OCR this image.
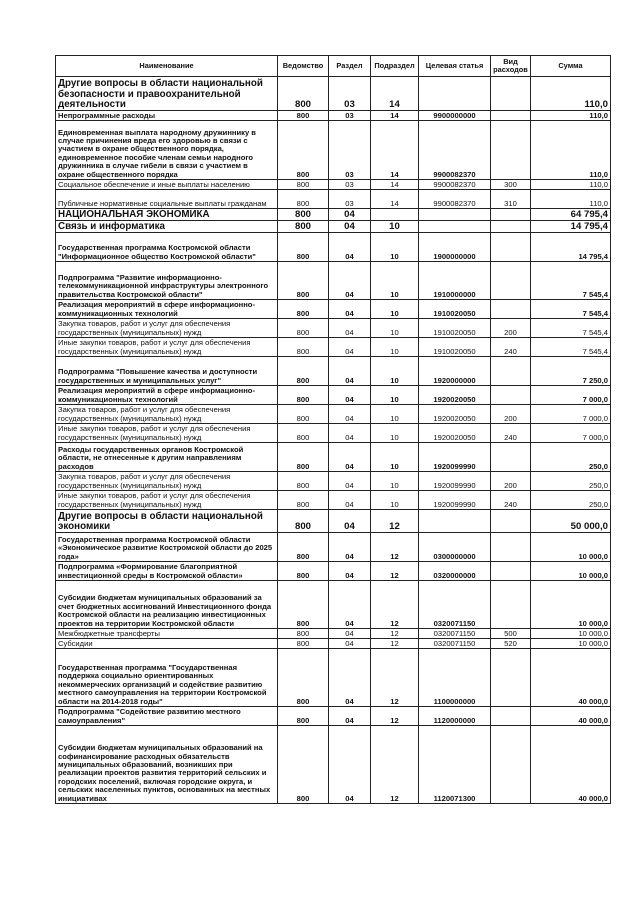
Наименование	Ведомство	Раздел	Подраздел	Целевая статья	Вид расходов	Сумма
Другие вопросы в области национальной безопасности и правоохранительной деятельности	800	03	14			110,0
Непрограммные расходы	800	03	14	9900000000		110,0
Единовременная выплата народному дружиннику в случае причинения вреда его здоровью в связи с участием в охране общественного порядка, единовременное пособие членам семьи народного дружинника в случае гибели в связи с участием в охране общественного порядка	800	03	14	9900082370		110,0
Социальное обеспечение и иные выплаты населению	800	03	14	9900082370	300	110,0
Публичные нормативные социальные выплаты гражданам	800	03	14	9900082370	310	110,0
НАЦИОНАЛЬНАЯ ЭКОНОМИКА	800	04				64 795,4
Связь и информатика	800	04	10			14 795,4
Государственная программа Костромской области "Информационное общество Костромской области"	800	04	10	1900000000		14 795,4
Подпрограмма "Развитие информационно-телекоммуникационной инфраструктуры электронного правительства Костромской области"	800	04	10	1910000000		7 545,4
Реализация мероприятий в сфере информационно-коммуникационных технологий	800	04	10	1910020050		7 545,4
Закупка товаров, работ и услуг для обеспечения государственных (муниципальных) нужд	800	04	10	1910020050	200	7 545,4
Иные закупки товаров, работ и услуг для обеспечения государственных (муниципальных) нужд	800	04	10	1910020050	240	7 545,4
Подпрограмма "Повышение качества и доступности государственных и муниципальных услуг"	800	04	10	1920000000		7 250,0
Реализация мероприятий в сфере информационно-коммуникационных технологий	800	04	10	1920020050		7 000,0
Закупка товаров, работ и услуг для обеспечения государственных (муниципальных) нужд	800	04	10	1920020050	200	7 000,0
Иные закупки товаров, работ и услуг для обеспечения государственных (муниципальных) нужд	800	04	10	1920020050	240	7 000,0
Расходы государственных органов Костромской области, не отнесенные к другим направлениям расходов	800	04	10	1920099990		250,0
Закупка товаров, работ и услуг для обеспечения государственных (муниципальных) нужд	800	04	10	1920099990	200	250,0
Иные закупки товаров, работ и услуг для обеспечения государственных (муниципальных) нужд	800	04	10	1920099990	240	250,0
Другие вопросы в области национальной экономики	800	04	12			50 000,0
Государственная программа Костромской области «Экономическое развитие Костромской области до 2025 года»	800	04	12	0300000000		10 000,0
Подпрограмма «Формирование благоприятной инвестиционной среды в Костромской области»	800	04	12	0320000000		10 000,0
Субсидии бюджетам муниципальных образований за счет бюджетных ассигнований Инвестиционного фонда Костромской области на реализацию инвестиционных проектов на территории Костромской области	800	04	12	0320071150		10 000,0
Межбюджетные трансферты	800	04	12	0320071150	500	10 000,0
Субсидии	800	04	12	0320071150	520	10 000,0
Государственная программа "Государственная поддержка социально ориентированных некоммерческих организаций и содействие развитию местного самоуправления на территории Костромской области на 2014-2018 годы"	800	04	12	1100000000		40 000,0
Подпрограмма "Содействие развитию местного самоуправления"	800	04	12	1120000000		40 000,0
Субсидии бюджетам муниципальных образований на софинансирование расходных обязательств муниципальных образований, возникших при реализации проектов развития территорий сельских и городских поселений, включая городские округа, и сельских населенных пунктов, основанных на местных инициативах	800	04	12	1120071300		40 000,0
